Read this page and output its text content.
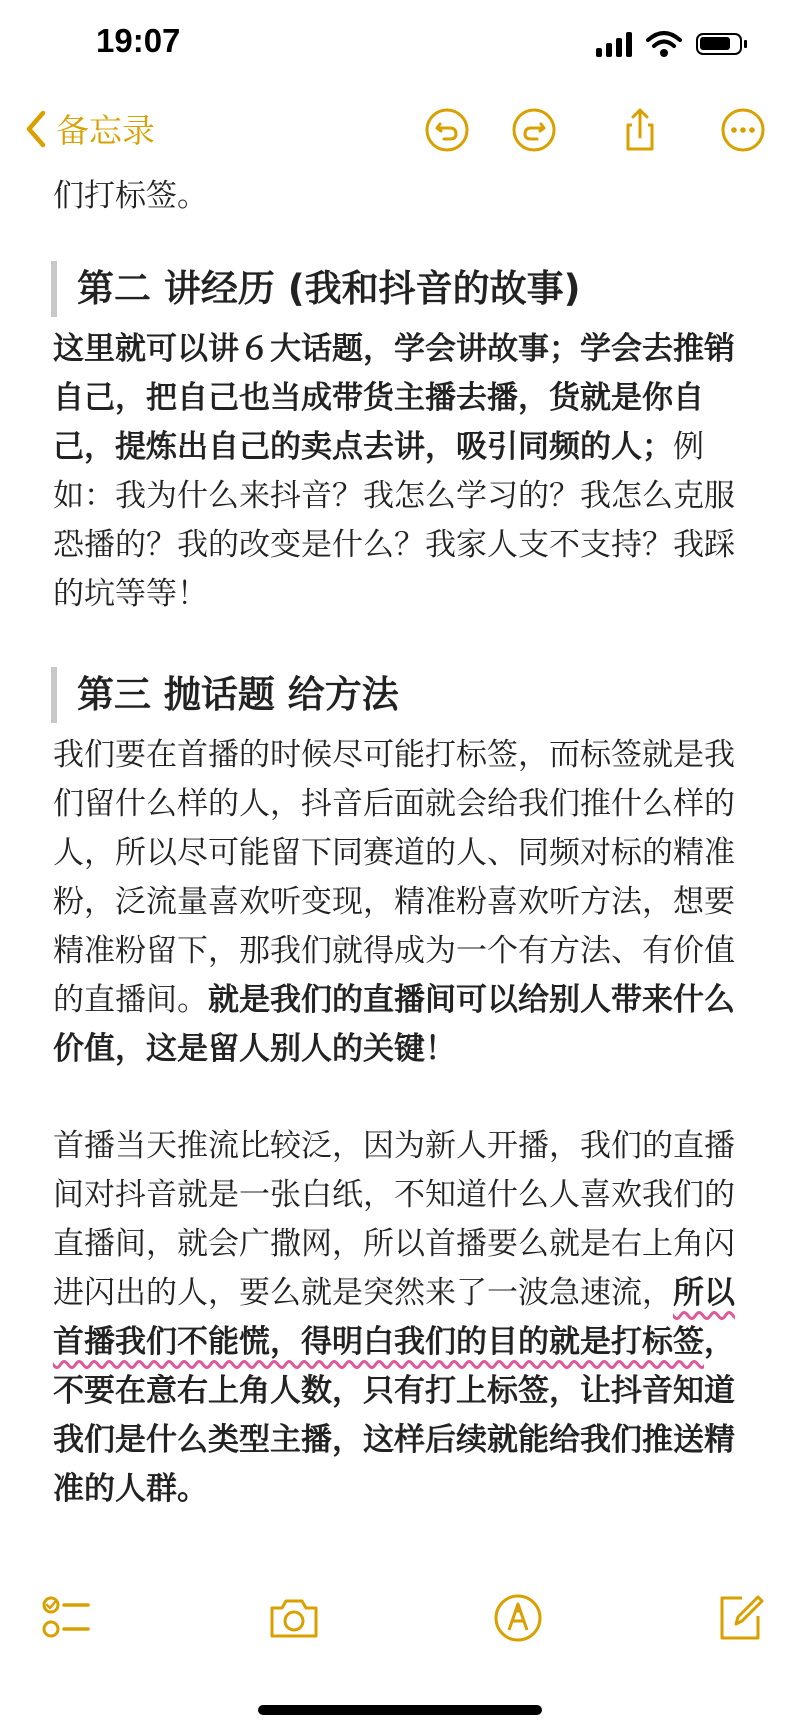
19:07
备忘录

们打标签。

第二 讲经历 (我和抖音的故事)

这里就可以讲６大话题，学会讲故事；学会去推销自己，把自己也当成带货主播去播，货就是你自己，提炼出自己的卖点去讲，吸引同频的人；例如：我为什么来抖音？我怎么学习的？我怎么克服恐播的？我的改变是什么？我家人支不支持？我踩的坑等等！

第三 抛话题 给方法

我们要在首播的时候尽可能打标签，而标签就是我们留什么样的人，抖音后面就会给我们推什么样的人，所以尽可能留下同赛道的人、同频对标的精准粉，泛流量喜欢听变现，精准粉喜欢听方法，想要精准粉留下，那我们就得成为一个有方法、有价值的直播间。就是我们的直播间可以给别人带来什么价值，这是留人别人的关键！

首播当天推流比较泛，因为新人开播，我们的直播间对抖音就是一张白纸，不知道什么人喜欢我们的直播间，就会广撒网，所以首播要么就是右上角闪进闪出的人，要么就是突然来了一波急速流，所以首播我们不能慌，得明白我们的目的就是打标签，不要在意右上角人数，只有打上标签，让抖音知道我们是什么类型主播，这样后续就能给我们推送精准的人群。
